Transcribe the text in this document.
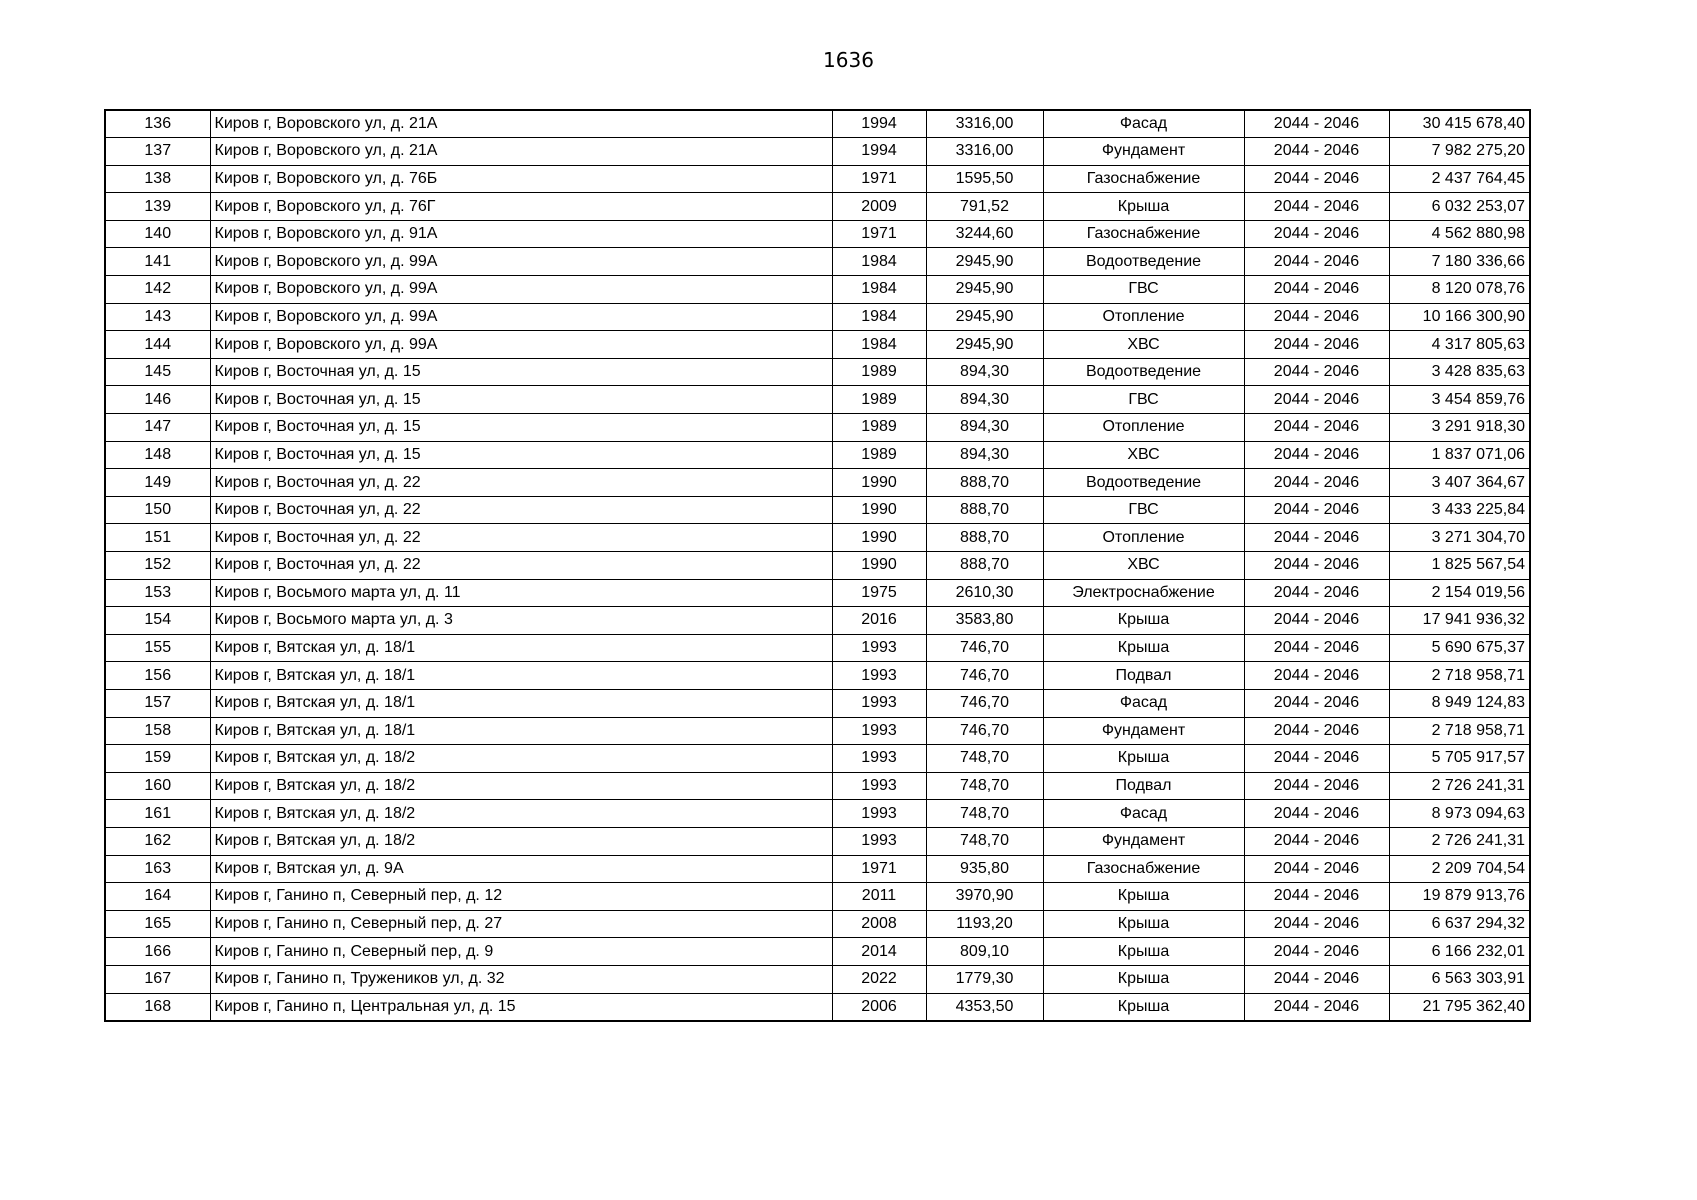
1636
136	Киров г, Воровского ул, д. 21А	1994	3316,00	Фасад	2044 - 2046	30 415 678,40
137	Киров г, Воровского ул, д. 21А	1994	3316,00	Фундамент	2044 - 2046	7 982 275,20
138	Киров г, Воровского ул, д. 76Б	1971	1595,50	Газоснабжение	2044 - 2046	2 437 764,45
139	Киров г, Воровского ул, д. 76Г	2009	791,52	Крыша	2044 - 2046	6 032 253,07
140	Киров г, Воровского ул, д. 91А	1971	3244,60	Газоснабжение	2044 - 2046	4 562 880,98
141	Киров г, Воровского ул, д. 99А	1984	2945,90	Водоотведение	2044 - 2046	7 180 336,66
142	Киров г, Воровского ул, д. 99А	1984	2945,90	ГВС	2044 - 2046	8 120 078,76
143	Киров г, Воровского ул, д. 99А	1984	2945,90	Отопление	2044 - 2046	10 166 300,90
144	Киров г, Воровского ул, д. 99А	1984	2945,90	ХВС	2044 - 2046	4 317 805,63
145	Киров г, Восточная ул, д. 15	1989	894,30	Водоотведение	2044 - 2046	3 428 835,63
146	Киров г, Восточная ул, д. 15	1989	894,30	ГВС	2044 - 2046	3 454 859,76
147	Киров г, Восточная ул, д. 15	1989	894,30	Отопление	2044 - 2046	3 291 918,30
148	Киров г, Восточная ул, д. 15	1989	894,30	ХВС	2044 - 2046	1 837 071,06
149	Киров г, Восточная ул, д. 22	1990	888,70	Водоотведение	2044 - 2046	3 407 364,67
150	Киров г, Восточная ул, д. 22	1990	888,70	ГВС	2044 - 2046	3 433 225,84
151	Киров г, Восточная ул, д. 22	1990	888,70	Отопление	2044 - 2046	3 271 304,70
152	Киров г, Восточная ул, д. 22	1990	888,70	ХВС	2044 - 2046	1 825 567,54
153	Киров г, Восьмого марта ул, д. 11	1975	2610,30	Электроснабжение	2044 - 2046	2 154 019,56
154	Киров г, Восьмого марта ул, д. 3	2016	3583,80	Крыша	2044 - 2046	17 941 936,32
155	Киров г, Вятская ул, д. 18/1	1993	746,70	Крыша	2044 - 2046	5 690 675,37
156	Киров г, Вятская ул, д. 18/1	1993	746,70	Подвал	2044 - 2046	2 718 958,71
157	Киров г, Вятская ул, д. 18/1	1993	746,70	Фасад	2044 - 2046	8 949 124,83
158	Киров г, Вятская ул, д. 18/1	1993	746,70	Фундамент	2044 - 2046	2 718 958,71
159	Киров г, Вятская ул, д. 18/2	1993	748,70	Крыша	2044 - 2046	5 705 917,57
160	Киров г, Вятская ул, д. 18/2	1993	748,70	Подвал	2044 - 2046	2 726 241,31
161	Киров г, Вятская ул, д. 18/2	1993	748,70	Фасад	2044 - 2046	8 973 094,63
162	Киров г, Вятская ул, д. 18/2	1993	748,70	Фундамент	2044 - 2046	2 726 241,31
163	Киров г, Вятская ул, д. 9А	1971	935,80	Газоснабжение	2044 - 2046	2 209 704,54
164	Киров г, Ганино п, Северный пер, д. 12	2011	3970,90	Крыша	2044 - 2046	19 879 913,76
165	Киров г, Ганино п, Северный пер, д. 27	2008	1193,20	Крыша	2044 - 2046	6 637 294,32
166	Киров г, Ганино п, Северный пер, д. 9	2014	809,10	Крыша	2044 - 2046	6 166 232,01
167	Киров г, Ганино п, Тружеников ул, д. 32	2022	1779,30	Крыша	2044 - 2046	6 563 303,91
168	Киров г, Ганино п, Центральная ул, д. 15	2006	4353,50	Крыша	2044 - 2046	21 795 362,40
